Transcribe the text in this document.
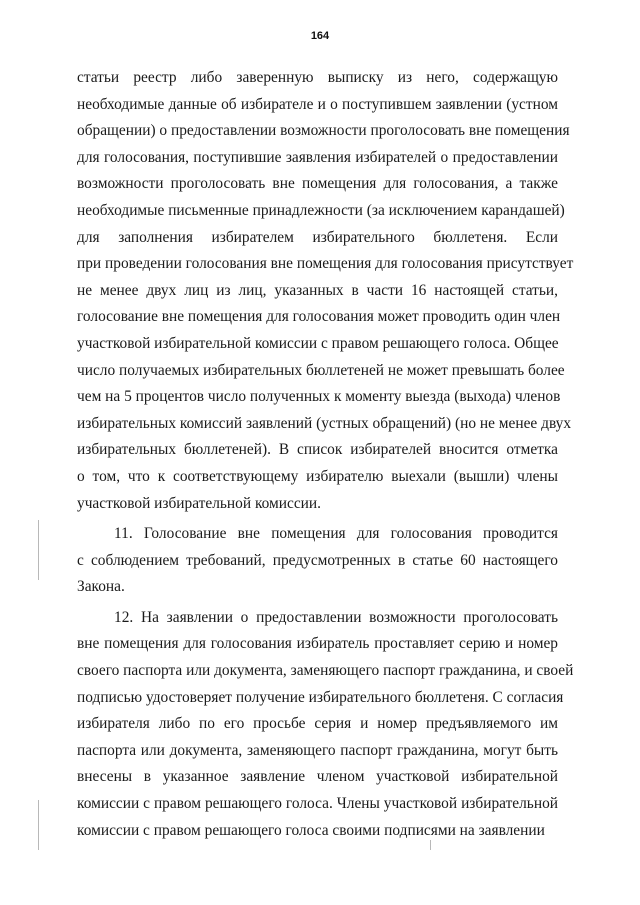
164
статьи реестр либо заверенную выписку из него, содержащую
необходимые данные об избирателе и о поступившем заявлении (устном
обращении) о предоставлении возможности проголосовать вне помещения
для голосования, поступившие заявления избирателей о предоставлении
возможности проголосовать вне помещения для голосования, а также
необходимые письменные принадлежности (за исключением карандашей)
для заполнения избирателем избирательного бюллетеня. Если
при проведении голосования вне помещения для голосования присутствует
не менее двух лиц из лиц, указанных в части 16 настоящей статьи,
голосование вне помещения для голосования может проводить один член
участковой избирательной комиссии с правом решающего голоса. Общее
число получаемых избирательных бюллетеней не может превышать более
чем на 5 процентов число полученных к моменту выезда (выхода) членов
избирательных комиссий заявлений (устных обращений) (но не менее двух
избирательных бюллетеней). В список избирателей вносится отметка
о том, что к соответствующему избирателю выехали (вышли) члены
участковой избирательной комиссии.
11. Голосование вне помещения для голосования проводится
с соблюдением требований, предусмотренных в статье 60 настоящего
Закона.
12. На заявлении о предоставлении возможности проголосовать
вне помещения для голосования избиратель проставляет серию и номер
своего паспорта или документа, заменяющего паспорт гражданина, и своей
подписью удостоверяет получение избирательного бюллетеня. С согласия
избирателя либо по его просьбе серия и номер предъявляемого им
паспорта или документа, заменяющего паспорт гражданина, могут быть
внесены в указанное заявление членом участковой избирательной
комиссии с правом решающего голоса. Члены участковой избирательной
комиссии с правом решающего голоса своими подписями на заявлении
